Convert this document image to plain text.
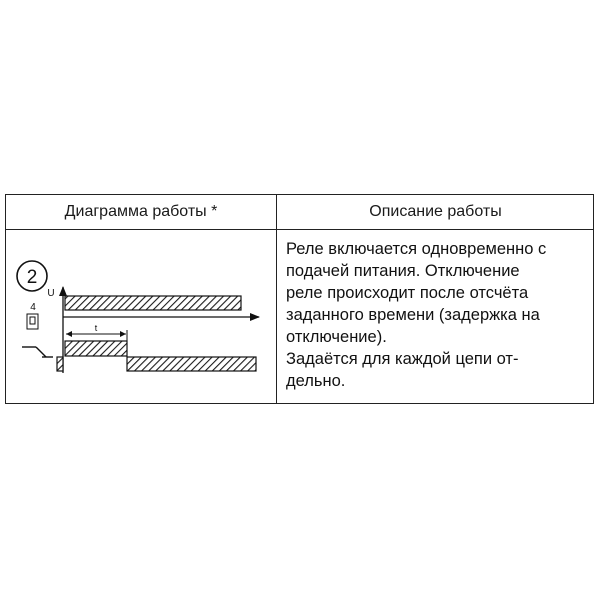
Диаграмма работы *	Описание работы
2
4
U
t

Реле включается одновременно с

подачей питания. Отключение

реле происходит после отсчёта

заданного времени (задержка на

отключение).

Задаётся для каждой цепи от-

дельно.
